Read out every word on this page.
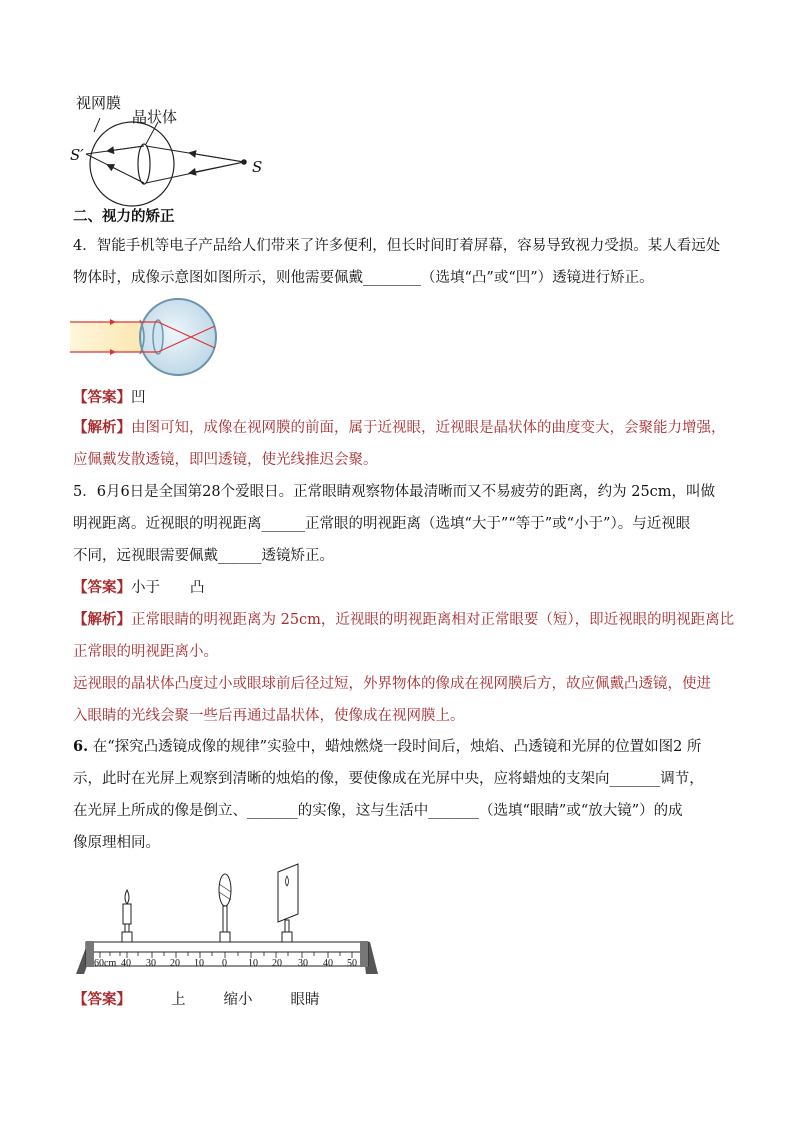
视网膜
晶状体
S′
S
二、视力的矫正
4．智能手机等电子产品给人们带来了许多便利，但长时间盯着屏幕，容易导致视力受损。某人看远处
物体时，成像示意图如图所示，则他需要佩戴________（选填“凸”或“凹”）透镜进行矫正。
【答案】凹
【解析】由图可知，成像在视网膜的前面，属于近视眼，近视眼是晶状体的曲度变大，会聚能力增强，
应佩戴发散透镜，即凹透镜，使光线推迟会聚。
5．6月6日是全国第28个爱眼日。正常眼睛观察物体最清晰而又不易疲劳的距离，约为 25cm，叫做
明视距离。近视眼的明视距离______正常眼的明视距离（选填“大于”“等于”或“小于”）。与近视眼
不同，远视眼需要佩戴______透镜矫正。
【答案】小于 凸
【解析】正常眼睛的明视距离为 25cm，近视眼的明视距离相对正常眼要（短），即近视眼的明视距离比
正常眼的明视距离小。
远视眼的晶状体凸度过小或眼球前后径过短，外界物体的像成在视网膜后方，故应佩戴凸透镜，使进
入眼睛的光线会聚一些后再通过晶状体，使像成在视网膜上。
6. 在“探究凸透镜成像的规律”实验中，蜡烛燃烧一段时间后，烛焰、凸透镜和光屏的位置如图2 所
示，此时在光屏上观察到清晰的烛焰的像，要使像成在光屏中央，应将蜡烛的支架向_______调节，
在光屏上所成的像是倒立、_______的实像，这与生活中_______（选填“眼睛”或“放大镜”）的成
像原理相同。
60cm 40 30 20 10 0 10 20 30 40 50
【答案】	上	缩小	眼睛
